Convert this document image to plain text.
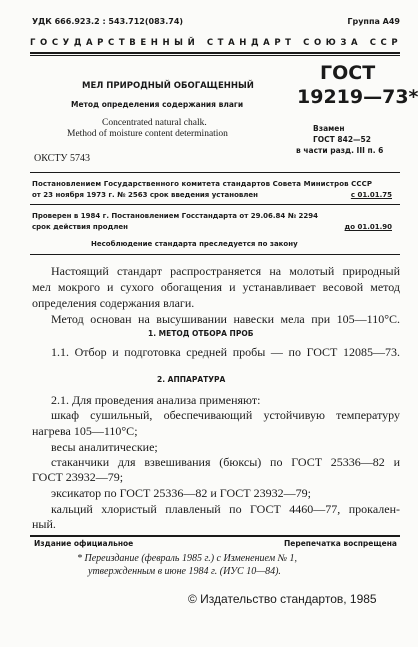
УДК 666.923.2 : 543.712(083.74)	Группа А49
ГОСУДАРСТВЕННЫЙ СТАНДАРТ СОЮЗА ССР
МЕЛ ПРИРОДНЫЙ ОБОГАЩЕННЫЙ
Метод определения содержания влаги
Concentrated natural chalk.
Method of moisture content determination
ОКСТУ 5743
ГОСТ
19219—73*
Взамен
ГОСТ 842—52
в части разд. III п. 6
Постановлением Государственного комитета стандартов Совета Министров СССР
от 23 ноября 1973 г. № 2563 срок введения установлен	с 01.01.75
Проверен в 1984 г. Постановлением Госстандарта от 29.06.84 № 2294
срок действия продлен	до 01.01.90
Несоблюдение стандарта преследуется по закону
Настоящий стандарт распространяется на молотый природный
мел мокрого и сухого обогащения и устанавливает весовой метод
определения содержания влаги.
Метод основан на высушивании навески мела при 105—110°С.
1. МЕТОД ОТБОРА ПРОБ
1.1. Отбор и подготовка средней пробы — по ГОСТ 12085—73.
2. АППАРАТУРА
2.1. Для проведения анализа применяют:
шкаф сушильный, обеспечивающий устойчивую температуру
нагрева 105—110°С;
весы аналитические;
стаканчики для взвешивания (бюксы) по ГОСТ 25336—82 и
ГОСТ 23932—79;
эксикатор по ГОСТ 25336—82 и ГОСТ 23932—79;
кальций хлористый плавленый по ГОСТ 4460—77, прокален-
ный.
Издание официальное	Перепечатка воспрещена
* Переиздание (февраль 1985 г.) с Изменением № 1,
утвержденным в июне 1984 г. (ИУС 10—84).
© Издательство стандартов, 1985
